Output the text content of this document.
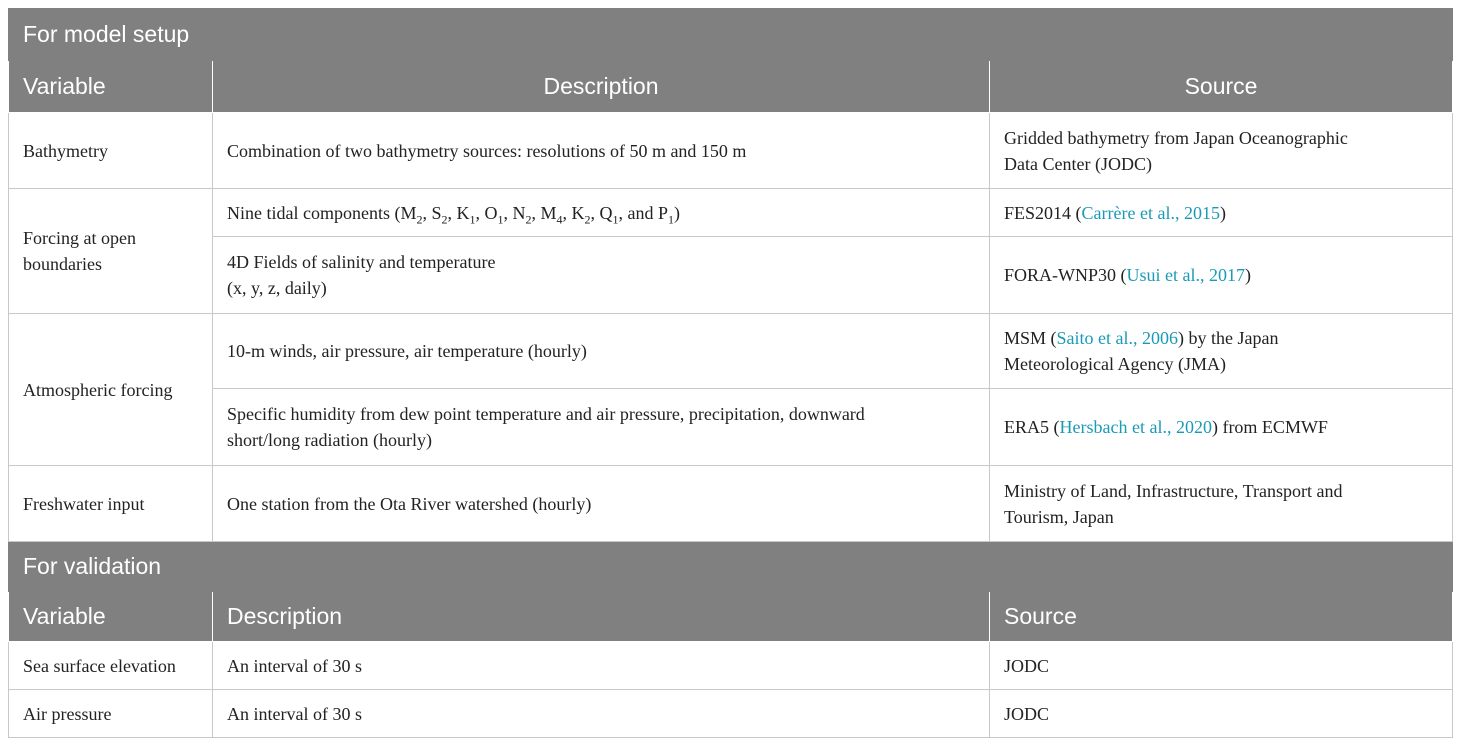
For model setup		
Variable	Description	Source
Bathymetry	Combination of two bathymetry sources: resolutions of 50 m and 150 m	Gridded bathymetry from Japan Oceanographic
Data Center (JODC)

Forcing at open
boundaries	Nine tidal components ($M_2$, $S_2$, $K_1$, $O_1$, $N_2$, $M_4$, $K_2$, $Q_1$, and $P_1$)	FES2014 (Carrère et al., 2015)

	4D Fields of salinity and temperature
(x, y, z, daily)	FORA-WNP30 (Usui et al., 2017)
Atmospheric forcing	10-m winds, air pressure, air temperature (hourly)	MSM (Saito et al., 2006) by the Japan
Meteorological Agency (JMA)

	Specific humidity from dew point temperature and air pressure, precipitation, downward
short/long radiation (hourly)	ERA5 (Hersbach et al., 2020) from ECMWF
Freshwater input	One station from the Ota River watershed (hourly)	Ministry of Land, Infrastructure, Transport and
Tourism, Japan

For validation		
Variable	Description	Source
Sea surface elevation	An interval of 30 s	JODC
Air pressure	An interval of 30 s	JODC
